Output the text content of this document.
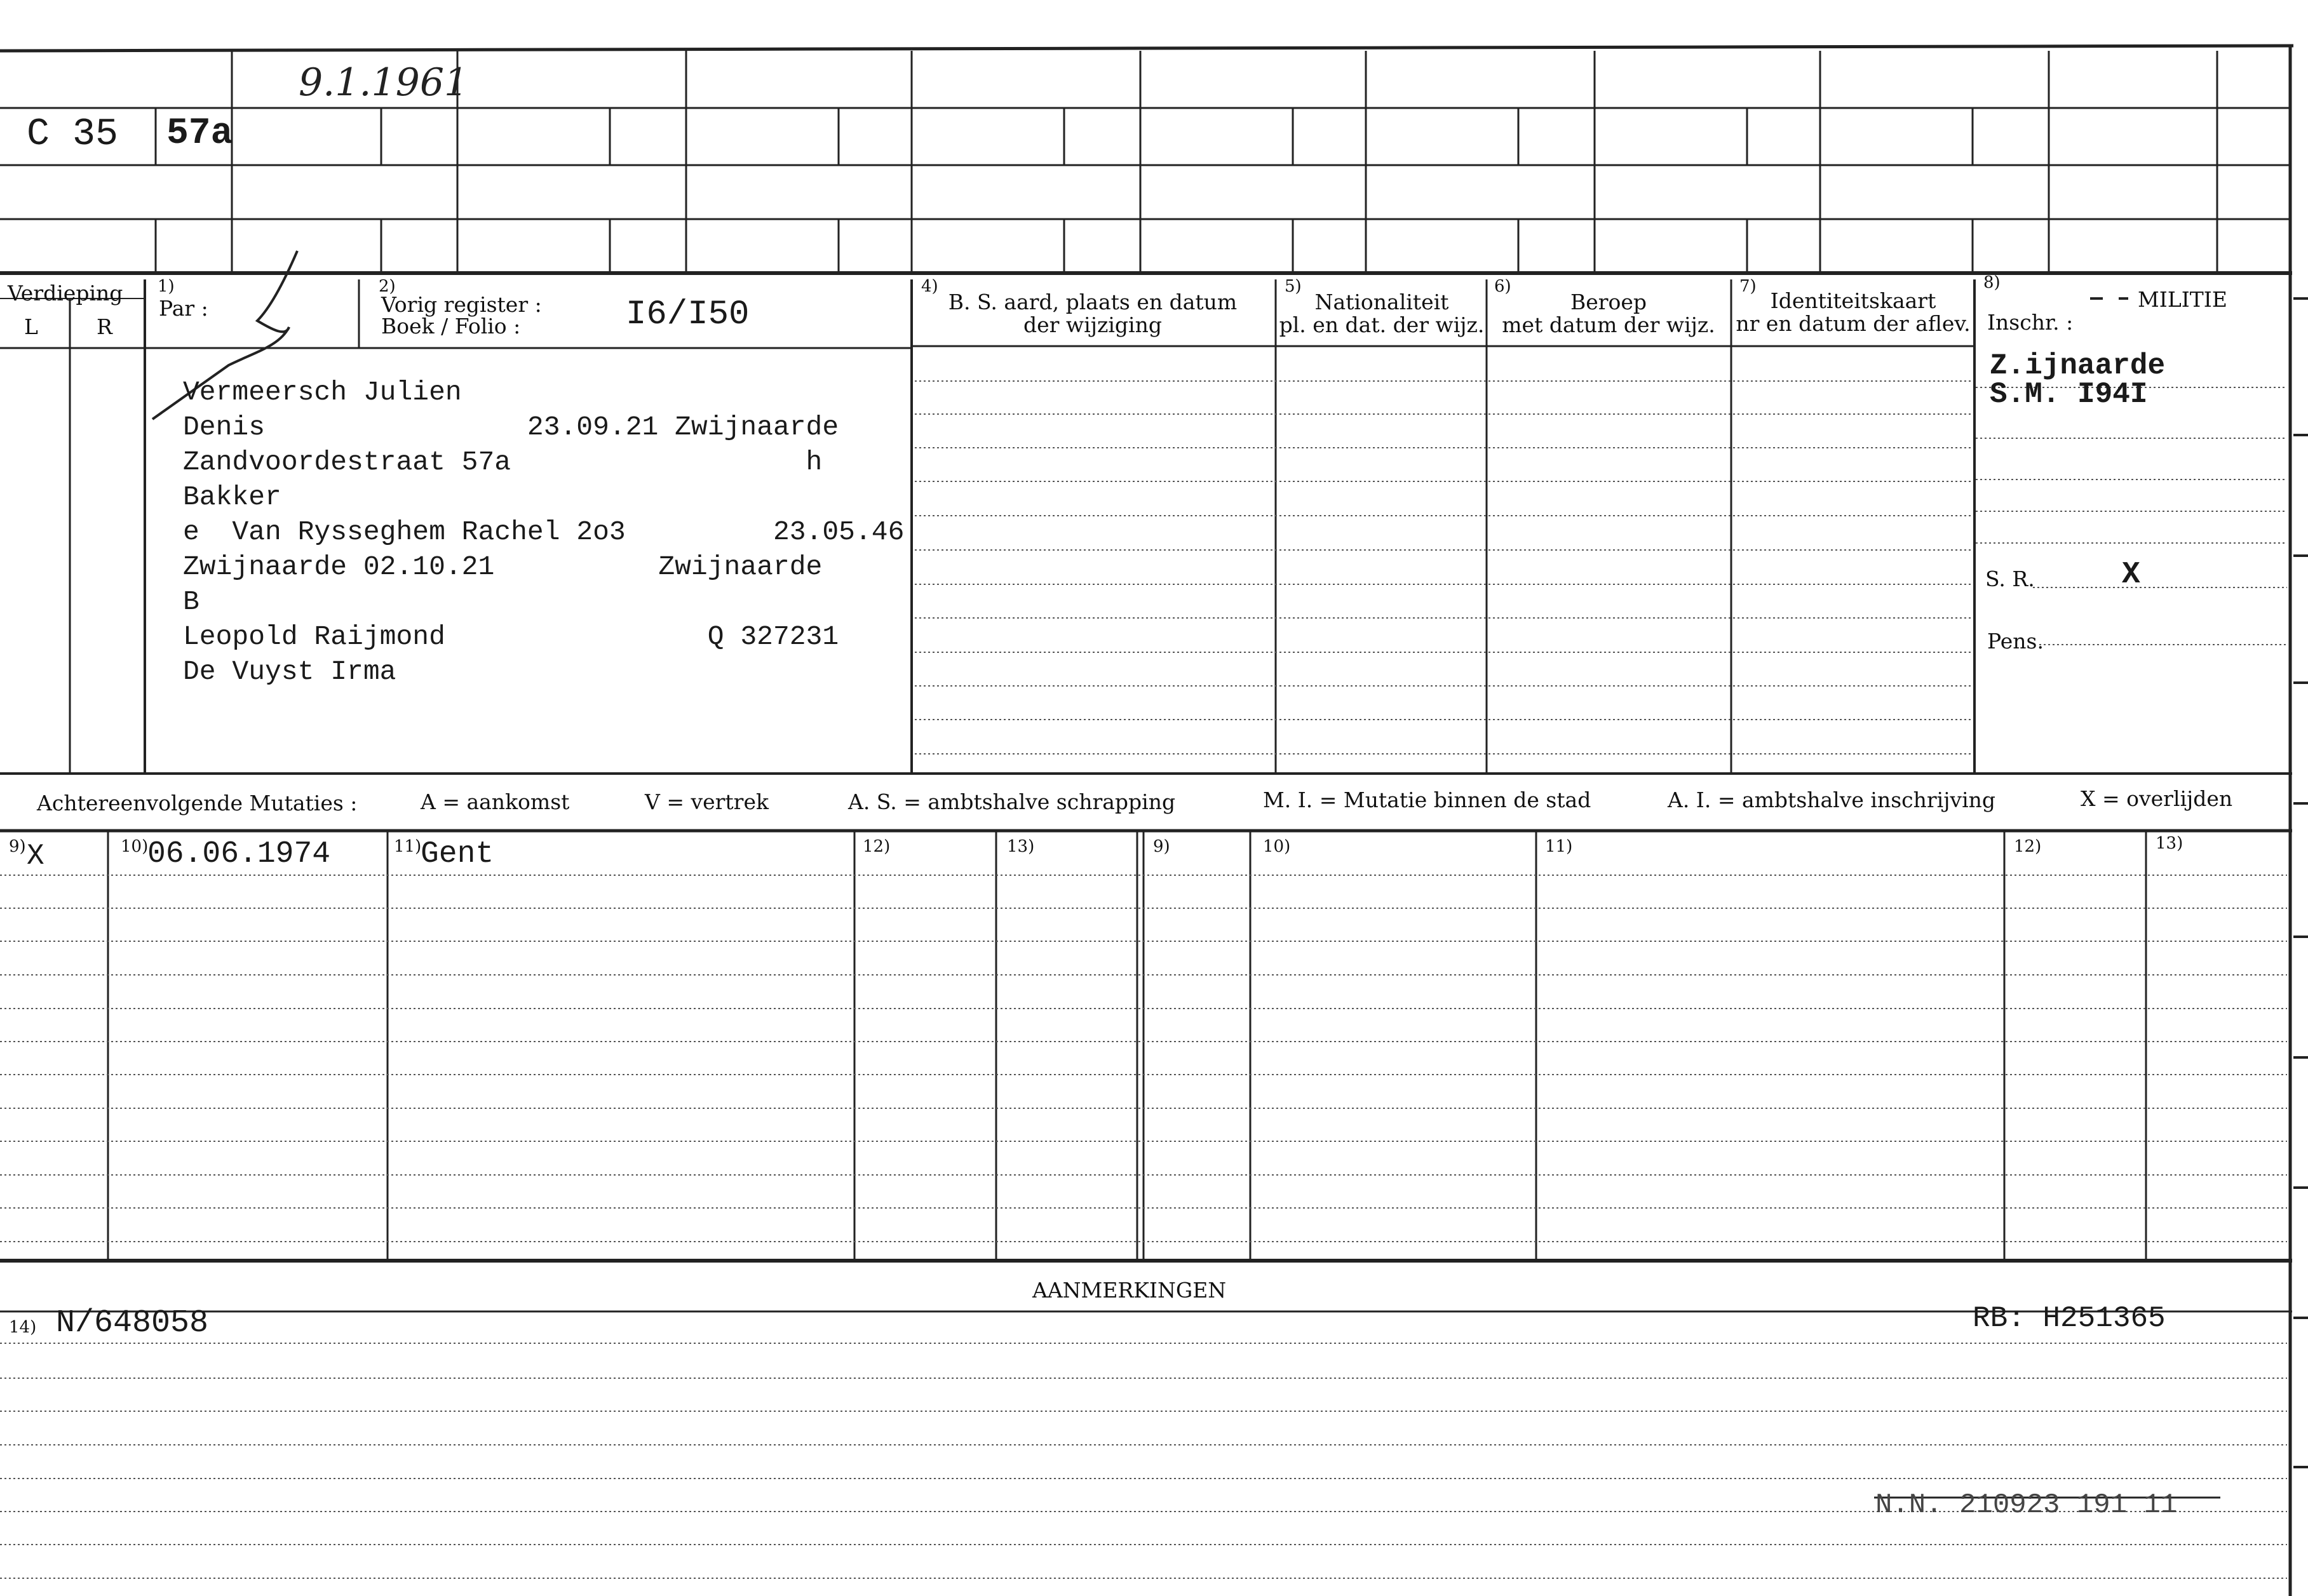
C 35 57a
9.1.1961
Verdieping
L	R
1)
Par :
2)
Vorig register :
Boek / Folio :	I6/I50
4)
B. S. aard, plaats en datum
der wijziging
5)
Nationaliteit
pl. en dat. der wijz.
6)
Beroep
met datum der wijz.
7)
Identiteitskaart
nr en datum der aflev.
8)
MILITIE
Inschr. :
Vermeersch Julien
Denis                23.09.21 Zwijnaarde
Zandvoordestraat 57a                  h
Bakker
e  Van Rysseghem Rachel 2o3         23.05.46
Zwijnaarde 02.10.21          Zwijnaarde
B
Leopold Raijmond                Q 327231
De Vuyst Irma
Z.ijnaarde
S.M. I94I
S. R.	X
Pens.
Achtereenvolgende Mutaties :	A = aankomst	V = vertrek	A. S. = ambtshalve schrapping	M. I. = Mutatie binnen de stad	A. I. = ambtshalve inschrijving	X = overlijden
9)	10)	11)	12)	13)	9)	10)	11)	12)	13)
X	06.06.1974	Gent
AANMERKINGEN
14) N/648058	RB: H251365
N.N. 210923 191 11
